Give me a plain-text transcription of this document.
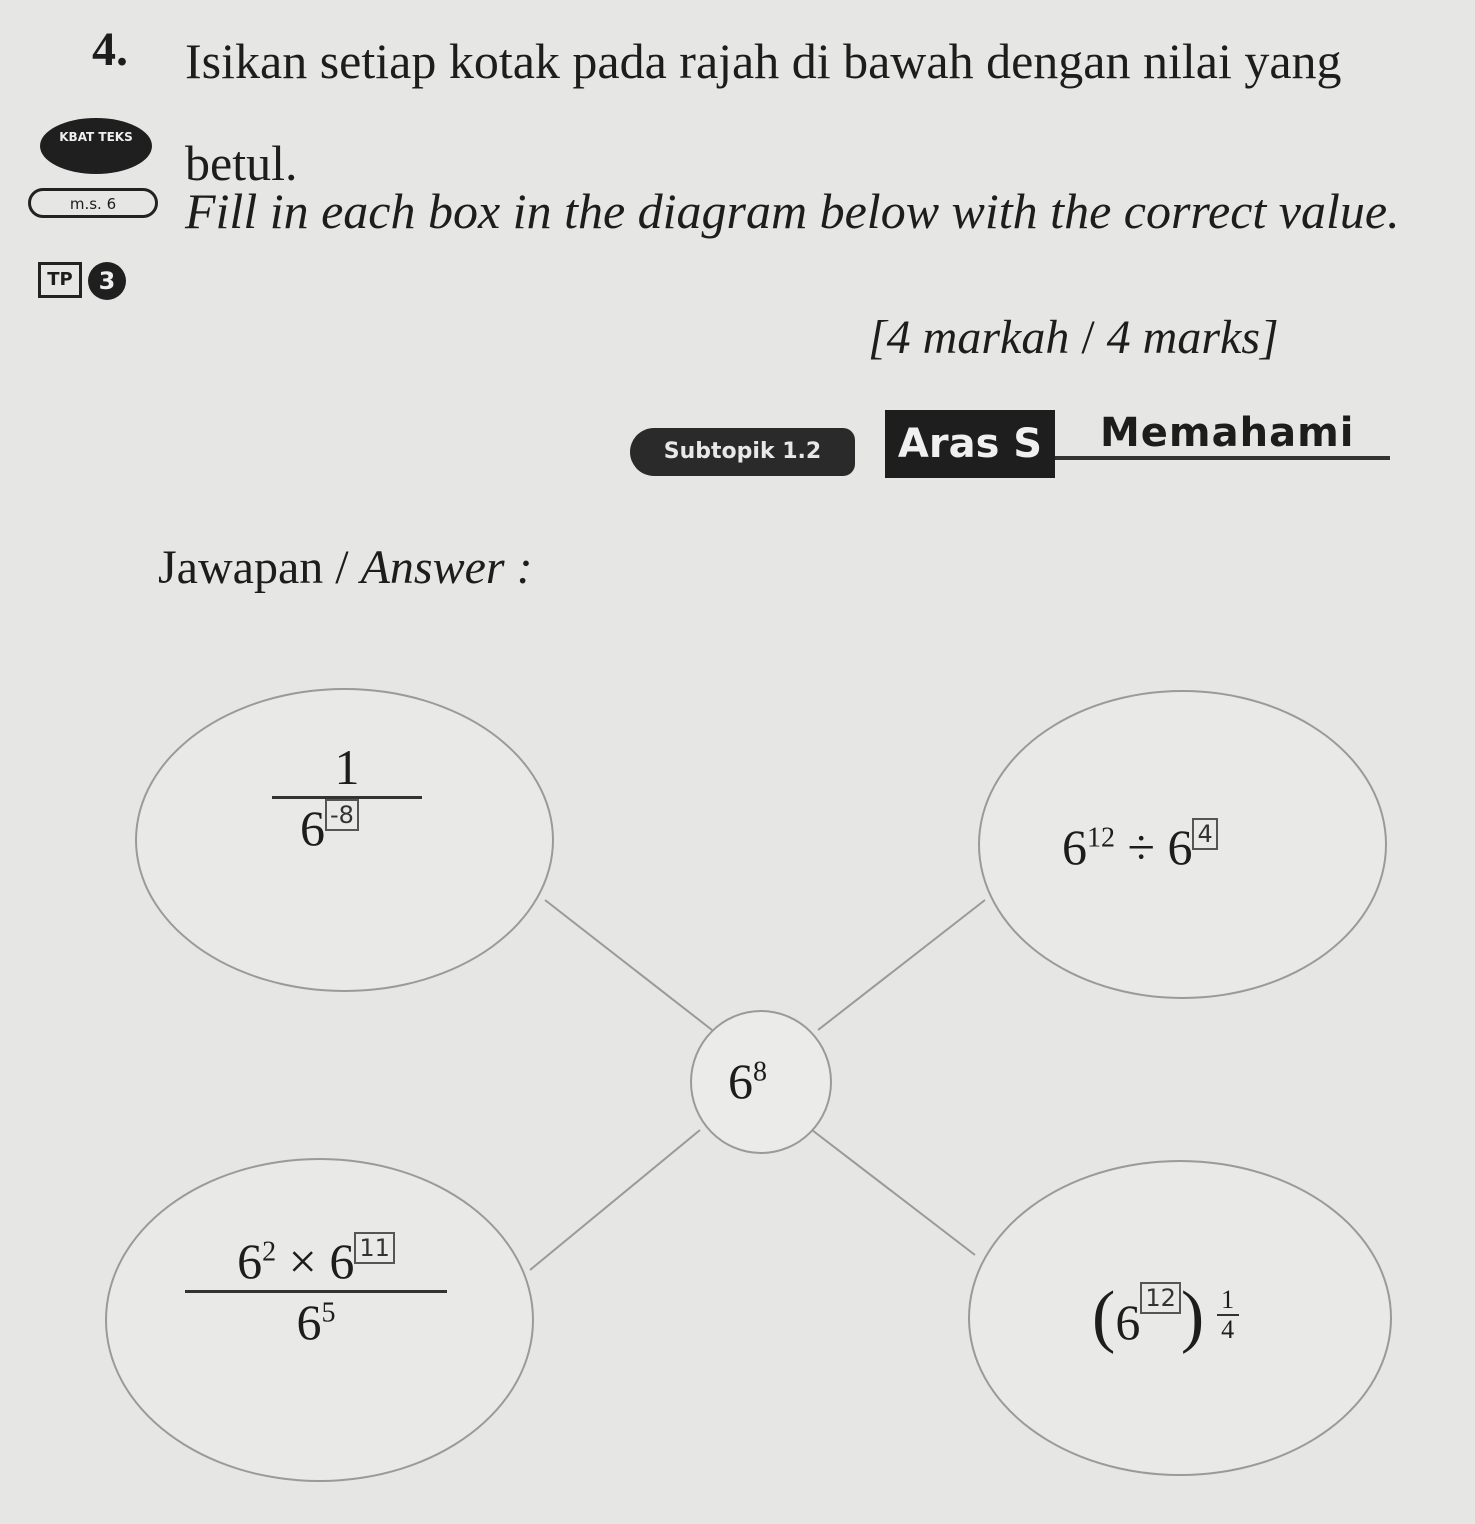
KBAT TEKS
m.s. 6
TP	3
4. Isikan setiap kotak pada rajah di bawah dengan nilai yang betul.
Fill in each box in the diagram below with the correct value.
[4 markah / 4 marks]
Subtopik 1.2	Aras S	Memahami
Jawapan / Answer :
$\frac{1}{6 -8}$	$6^{12} \div 6$ 4
$6^8$
$\frac{6^2 \times 6 11}{6^5}$	(6 $12) \frac{1}{4}$
